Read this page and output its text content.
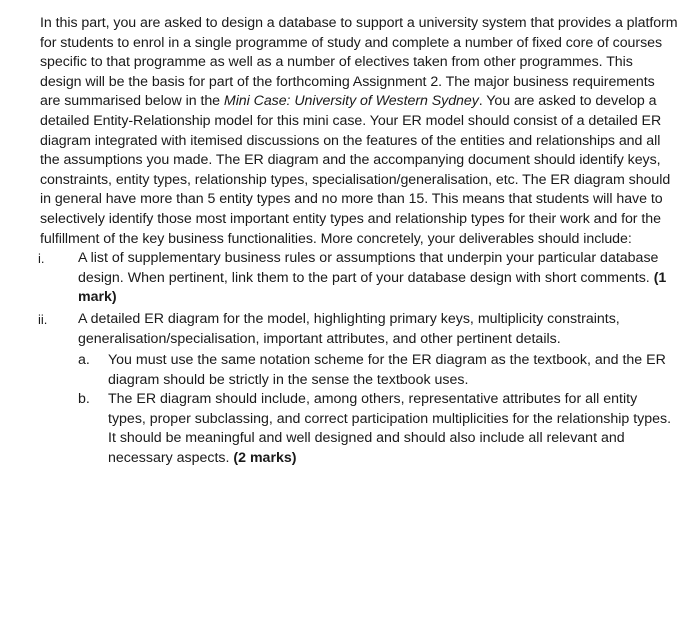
In this part, you are asked to design a database to support a university system that provides a platform for students to enrol in a single programme of study and complete a number of fixed core of courses specific to that programme as well as a number of electives taken from other programmes. This design will be the basis for part of the forthcoming Assignment 2. The major business requirements are summarised below in the Mini Case: University of Western Sydney. You are asked to develop a detailed Entity-Relationship model for this mini case. Your ER model should consist of a detailed ER diagram integrated with itemised discussions on the features of the entities and relationships and all the assumptions you made. The ER diagram and the accompanying document should identify keys, constraints, entity types, relationship types, specialisation/generalisation, etc. The ER diagram should in general have more than 5 entity types and no more than 15. This means that students will have to selectively identify those most important entity types and relationship types for their work and for the fulfillment of the key business functionalities. More concretely, your deliverables should include:

i.	A list of supplementary business rules or assumptions that underpin your particular database design. When pertinent, link them to the part of your database design with short comments. (1 mark)
ii.	A detailed ER diagram for the model, highlighting primary keys, multiplicity constraints, generalisation/specialisation, important attributes, and other pertinent details.
a.	You must use the same notation scheme for the ER diagram as the textbook, and the ER diagram should be strictly in the sense the textbook uses.
b.	The ER diagram should include, among others, representative attributes for all entity types, proper subclassing, and correct participation multiplicities for the relationship types. It should be meaningful and well designed and should also include all relevant and necessary aspects. (2 marks)
